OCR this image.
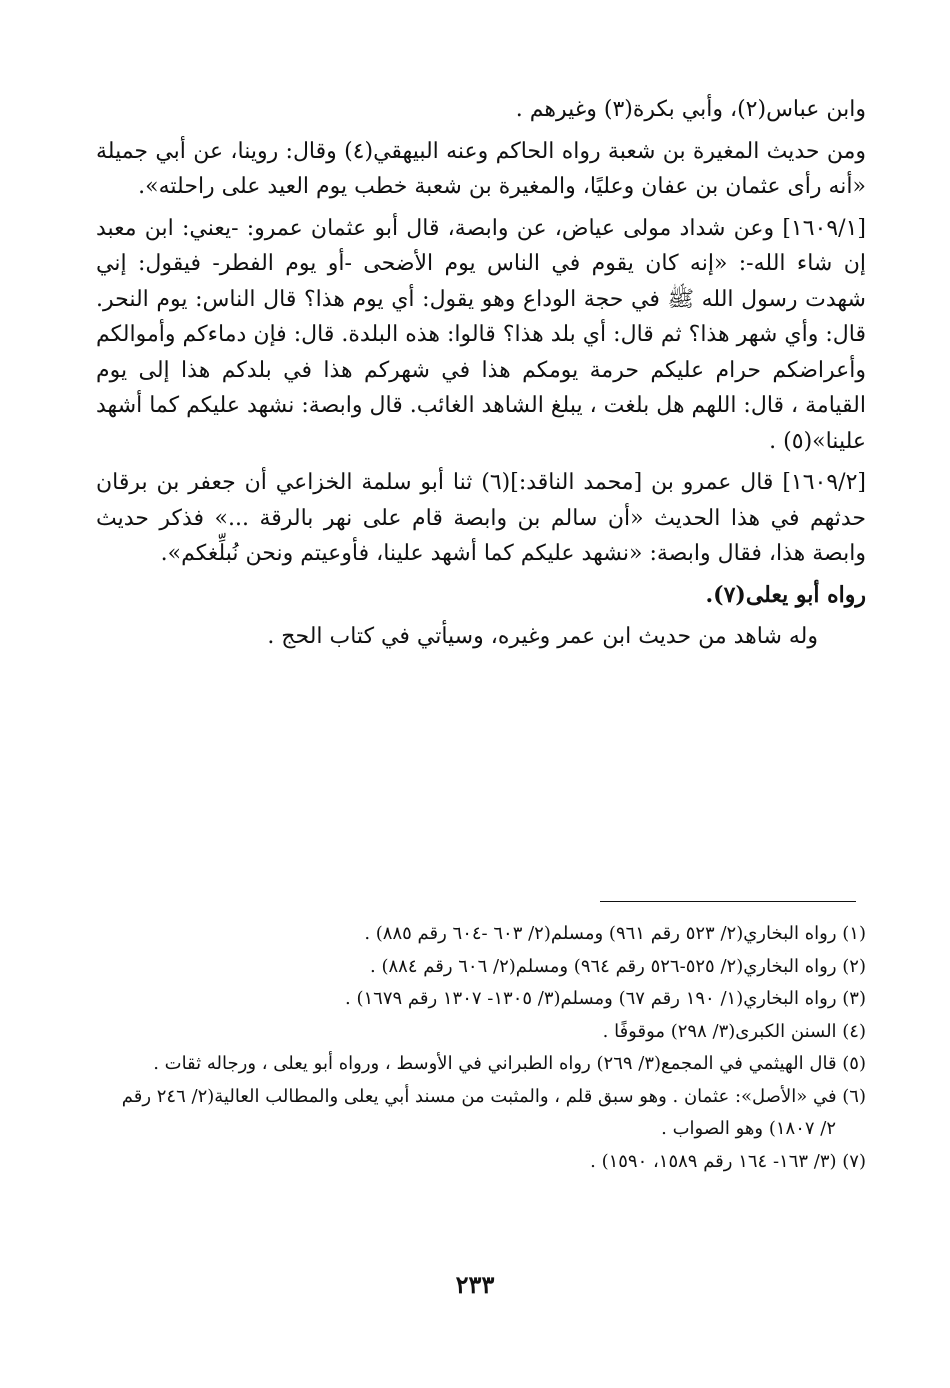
وابن عباس(٢)، وأبي بكرة(٣) وغيرهم .

ومن حديث المغيرة بن شعبة رواه الحاكم وعنه البيهقي(٤) وقال: روينا، عن أبي جميلة «أنه رأى عثمان بن عفان وعليًا، والمغيرة بن شعبة خطب يوم العيد على راحلته».

[١٦٠٩/١] وعن شداد مولى عياض، عن وابصة، قال أبو عثمان عمرو: -يعني: ابن معبد إن شاء الله-: «إنه كان يقوم في الناس يوم الأضحى -أو يوم الفطر- فيقول: إني شهدت رسول الله ﷺ في حجة الوداع وهو يقول: أي يوم هذا؟ قال الناس: يوم النحر. قال: وأي شهر هذا؟ ثم قال: أي بلد هذا؟ قالوا: هذه البلدة. قال: فإن دماءكم وأموالكم وأعراضكم حرام عليكم حرمة يومكم هذا في شهركم هذا في بلدكم هذا إلى يوم القيامة ، قال: اللهم هل بلغت ، يبلغ الشاهد الغائب. قال وابصة: نشهد عليكم كما أشهد علينا»(٥) .

[١٦٠٩/٢] قال عمرو بن [محمد الناقد:](٦) ثنا أبو سلمة الخزاعي أن جعفر بن برقان حدثهم في هذا الحديث «أن سالم بن وابصة قام على نهر بالرقة ...» فذكر حديث وابصة هذا، فقال وابصة: «نشهد عليكم كما أشهد علينا، فأوعيتم ونحن نُبلِّغكم».

رواه أبو يعلى(٧).

وله شاهد من حديث ابن عمر وغيره، وسيأتي في كتاب الحج .

(١) رواه البخاري(٢/ ٥٢٣ رقم ٩٦١) ومسلم(٢/ ٦٠٣ -٦٠٤ رقم ٨٨٥) .

(٢) رواه البخاري(٢/ ٥٢٥-٥٢٦ رقم ٩٦٤) ومسلم(٢/ ٦٠٦ رقم ٨٨٤) .

(٣) رواه البخاري(١/ ١٩٠ رقم ٦٧) ومسلم(٣/ ١٣٠٥- ١٣٠٧ رقم ١٦٧٩) .

(٤) السنن الكبرى(٣/ ٢٩٨) موقوفًا .

(٥) قال الهيثمي في المجمع(٣/ ٢٦٩) رواه الطبراني في الأوسط ، ورواه أبو يعلى ، ورجاله ثقات .

(٦) في «الأصل»: عثمان . وهو سبق قلم ، والمثبت من مسند أبي يعلى والمطالب العالية(٢/ ٢٤٦ رقم

٢/ ١٨٠٧) وهو الصواب .

(٧) (٣/ ١٦٣- ١٦٤ رقم ١٥٨٩، ١٥٩٠) .

٢٣٣
